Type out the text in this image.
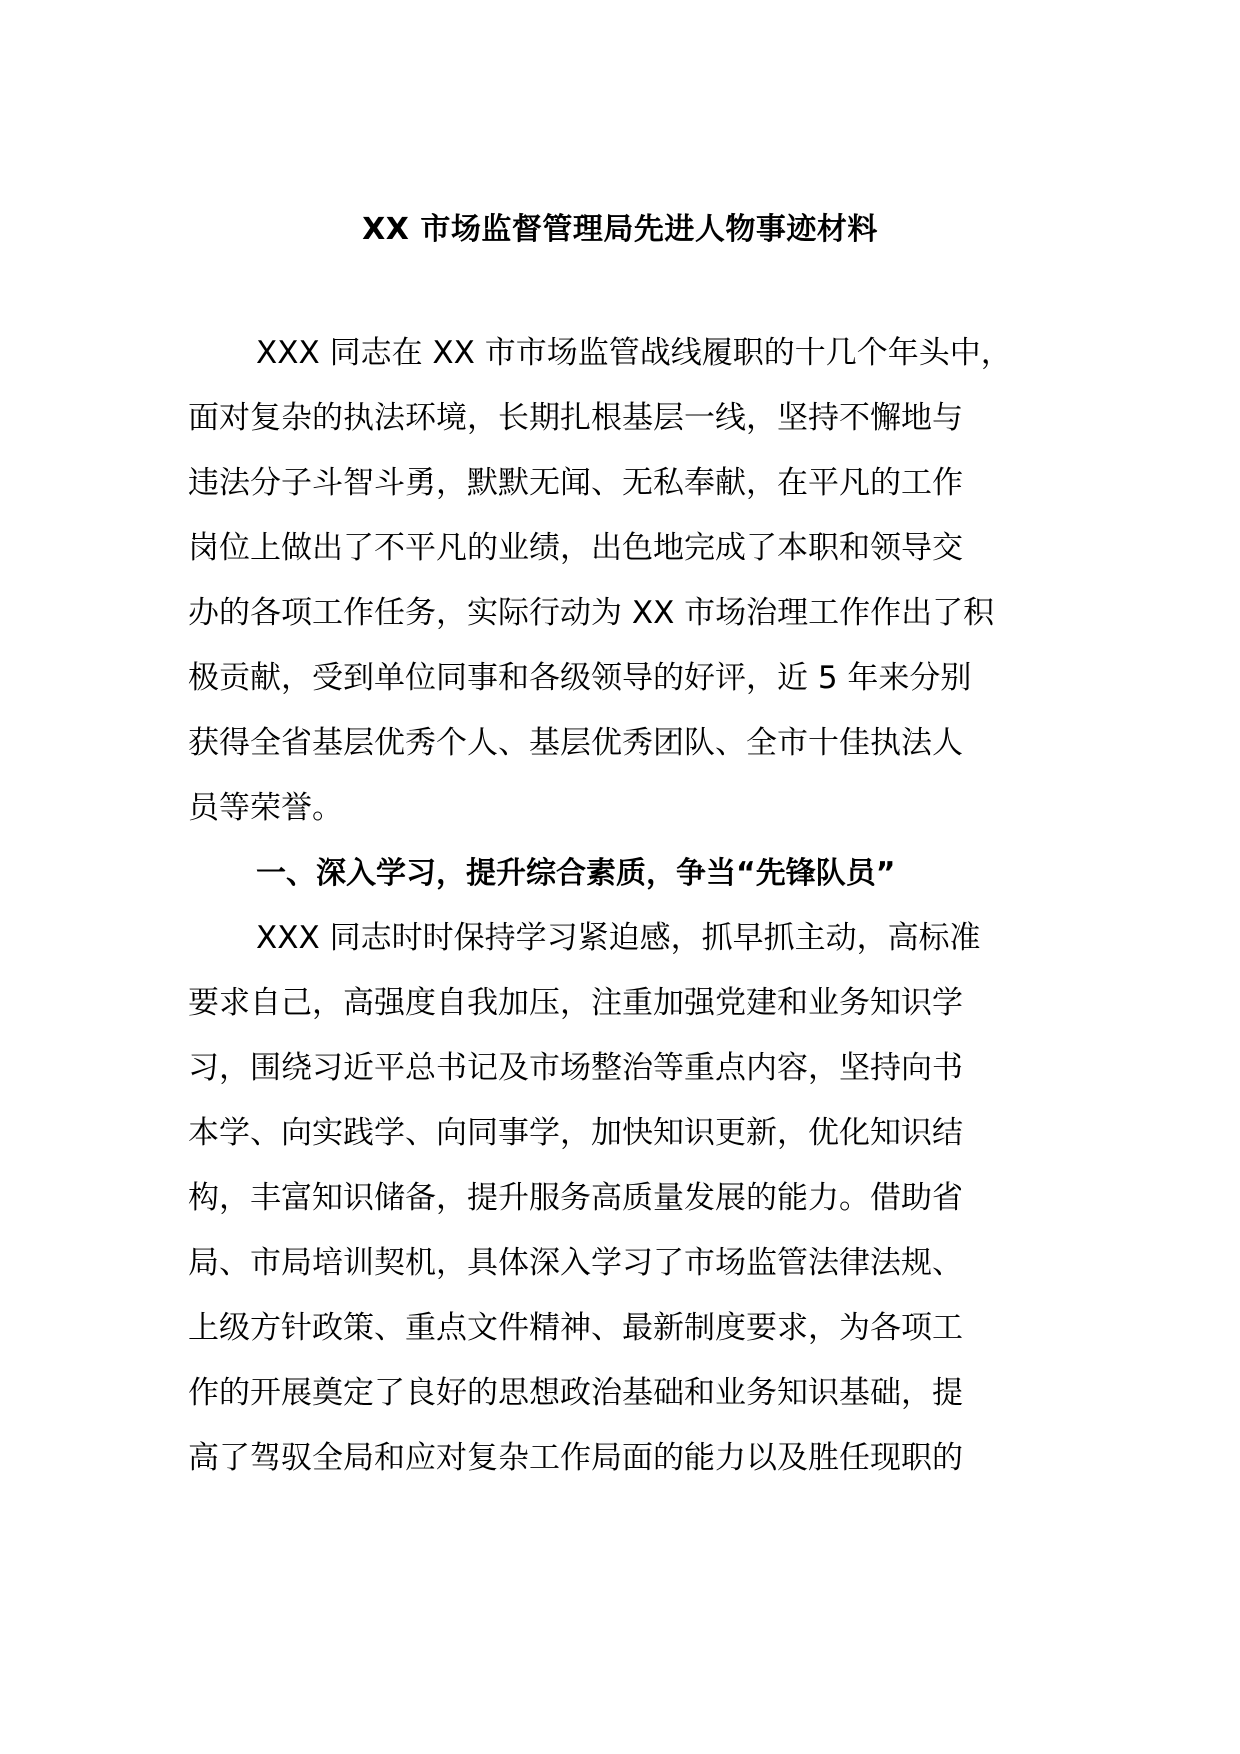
XX 市场监督管理局先进人物事迹材料
XXX 同志在 XX 市市场监管战线履职的十几个年头中，
面对复杂的执法环境，长期扎根基层一线，坚持不懈地与
违法分子斗智斗勇，默默无闻、无私奉献，在平凡的工作
岗位上做出了不平凡的业绩，出色地完成了本职和领导交
办的各项工作任务，实际行动为 XX 市场治理工作作出了积
极贡献，受到单位同事和各级领导的好评，近 5 年来分别
获得全省基层优秀个人、基层优秀团队、全市十佳执法人
员等荣誉。
一、深入学习，提升综合素质，争当“先锋队员”
XXX 同志时时保持学习紧迫感，抓早抓主动，高标准
要求自己，高强度自我加压，注重加强党建和业务知识学
习，围绕习近平总书记及市场整治等重点内容，坚持向书
本学、向实践学、向同事学，加快知识更新，优化知识结
构，丰富知识储备，提升服务高质量发展的能力。借助省
局、市局培训契机，具体深入学习了市场监管法律法规、
上级方针政策、重点文件精神、最新制度要求，为各项工
作的开展奠定了良好的思想政治基础和业务知识基础，提
高了驾驭全局和应对复杂工作局面的能力以及胜任现职的
